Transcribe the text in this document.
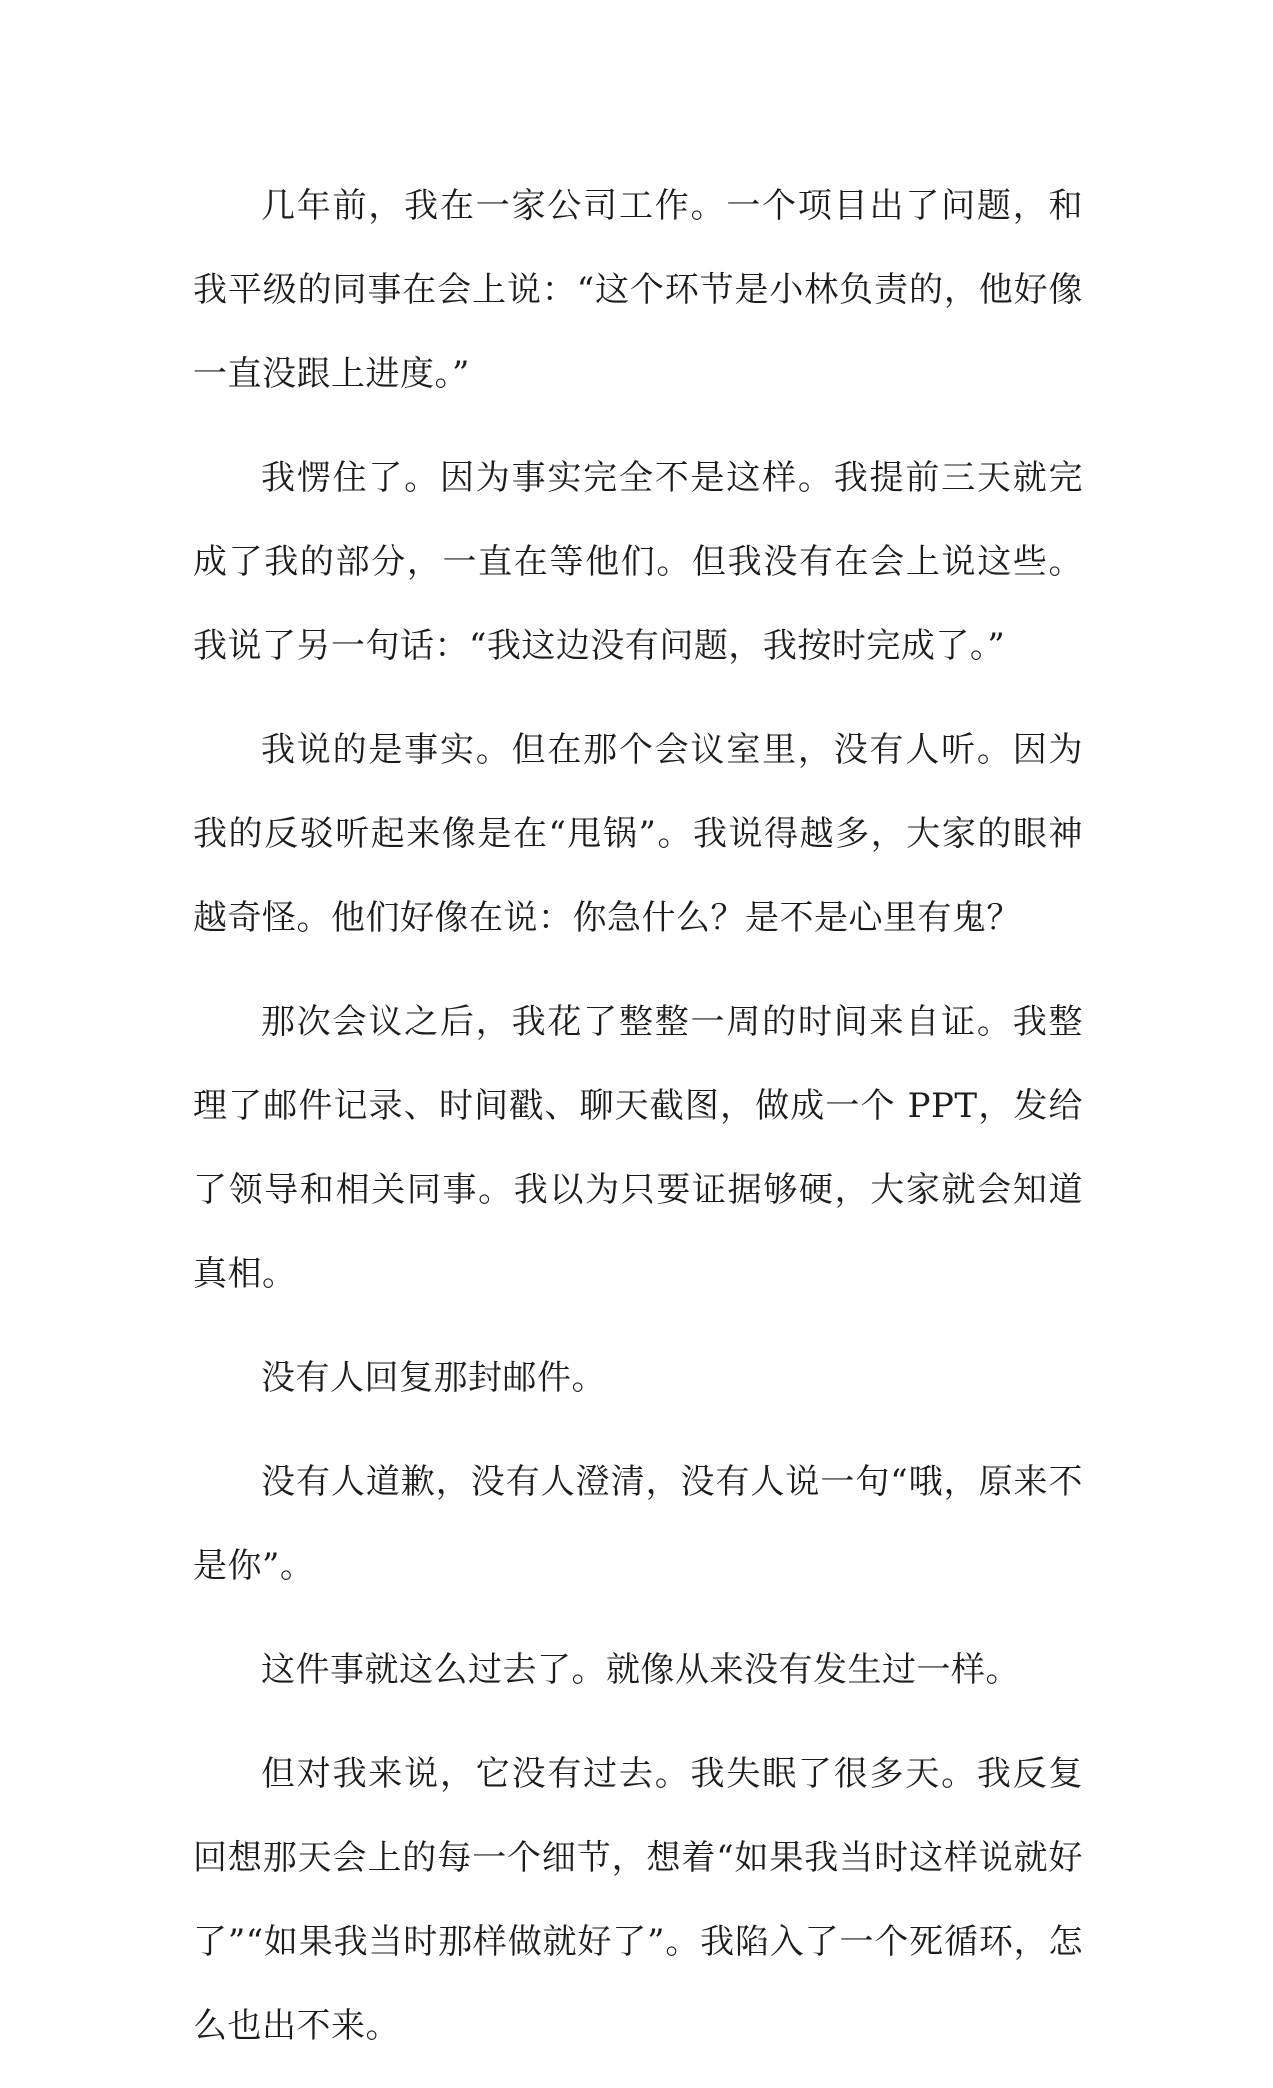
几年前，我在一家公司工作。一个项目出了问题，和我平级的同事在会上说：“这个环节是小林负责的，他好像一直没跟上进度。”

我愣住了。因为事实完全不是这样。我提前三天就完成了我的部分，一直在等他们。但我没有在会上说这些。我说了另一句话：“我这边没有问题，我按时完成了。”

我说的是事实。但在那个会议室里，没有人听。因为我的反驳听起来像是在“甩锅”。我说得越多，大家的眼神越奇怪。他们好像在说：你急什么？是不是心里有鬼？

那次会议之后，我花了整整一周的时间来自证。我整理了邮件记录、时间戳、聊天截图，做成一个 PPT，发给了领导和相关同事。我以为只要证据够硬，大家就会知道真相。

没有人回复那封邮件。

没有人道歉，没有人澄清，没有人说一句“哦，原来不是你”。

这件事就这么过去了。就像从来没有发生过一样。

但对我来说，它没有过去。我失眠了很多天。我反复回想那天会上的每一个细节，想着“如果我当时这样说就好了”“如果我当时那样做就好了”。我陷入了一个死循环，怎么也出不来。
